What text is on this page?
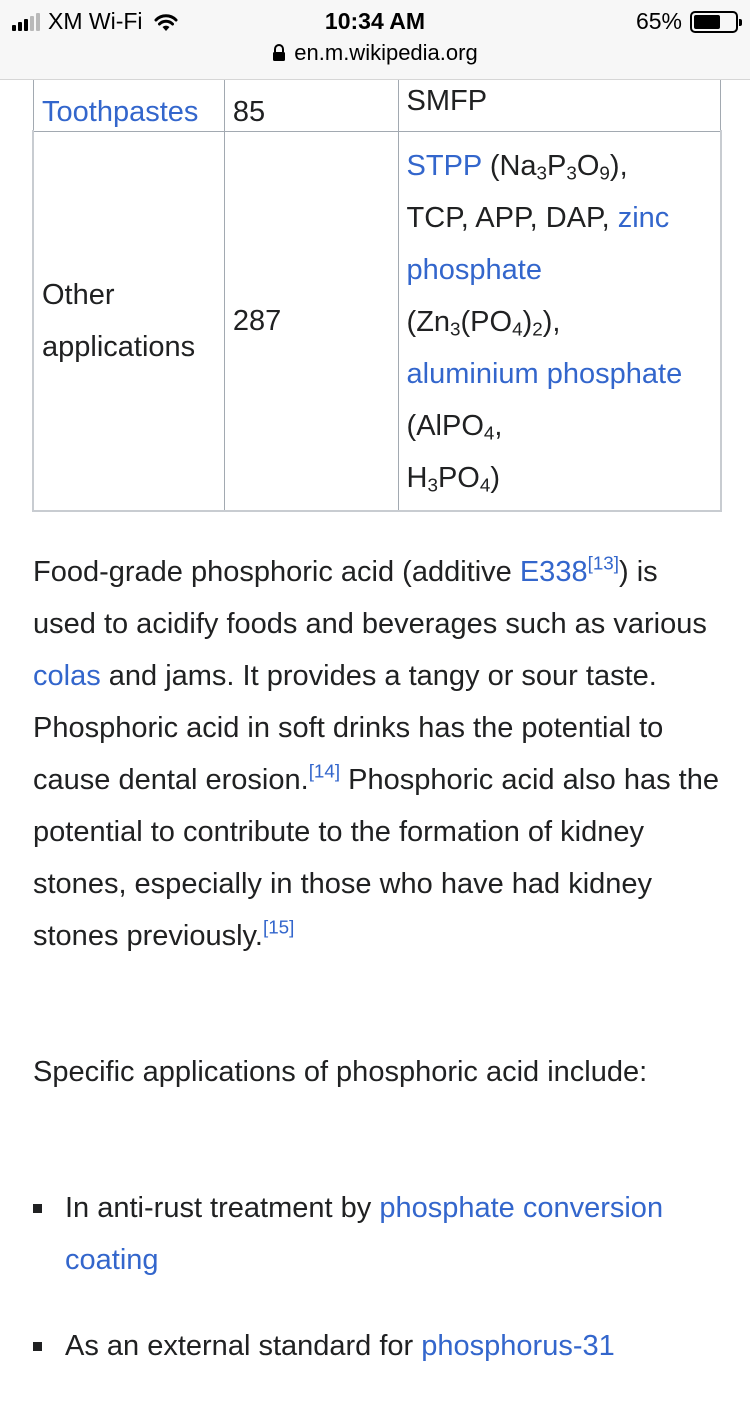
Toothpastes	85	SMFP
Other applications	287	STPP $(Na_3P_3O_9)$,
TCP, APP, DAP, zinc phosphate
$(Zn_3(PO_4)_2)$,
aluminium phosphate (AlPO$_4$,
$H_3PO_4$)

Food-grade phosphoric acid (additive E338[13]) is used to acidify foods and beverages such as various colas and jams. It provides a tangy or sour taste. Phosphoric acid in soft drinks has the potential to cause dental erosion.[14] Phosphoric acid also has the potential to contribute to the formation of kidney stones, especially in those who have had kidney stones previously.[15]

Specific applications of phosphoric acid include:

In anti-rust treatment by phosphate conversion coating
As an external standard for phosphorus-31
XM Wi-Fi	10:34 AM	65%
en.m.wikipedia.org
